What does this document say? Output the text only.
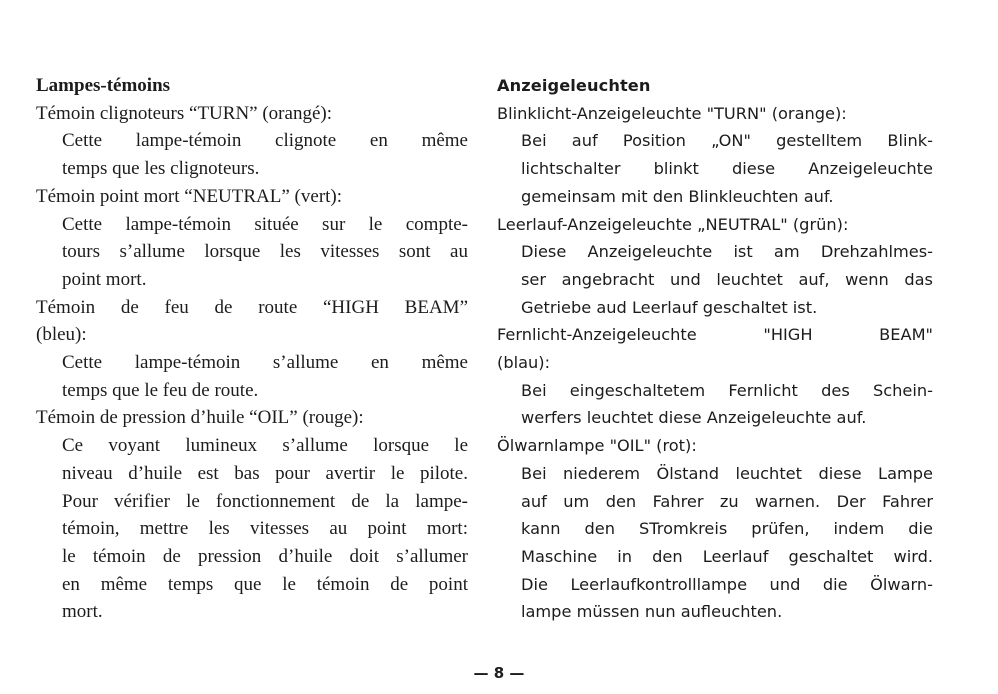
Lampes-témoins
Témoin clignoteurs “TURN” (orangé):
Cette lampe-témoin clignote en même
temps que les clignoteurs.
Témoin point mort “NEUTRAL” (vert):
Cette lampe-témoin située sur le compte-
tours s’allume lorsque les vitesses sont au
point mort.
Témoin de feu de route “HIGH BEAM”
(bleu):
Cette lampe-témoin s’allume en même
temps que le feu de route.
Témoin de pression d’huile “OIL” (rouge):
Ce voyant lumineux s’allume lorsque le
niveau d’huile est bas pour avertir le pilote.
Pour vérifier le fonctionnement de la lampe-
témoin, mettre les vitesses au point mort:
le témoin de pression d’huile doit s’allumer
en même temps que le témoin de point
mort.
Anzeigeleuchten
Blinklicht-Anzeigeleuchte "TURN" (orange):
Bei auf Position „ON" gestelltem Blink-
lichtschalter blinkt diese Anzeigeleuchte
gemeinsam mit den Blinkleuchten auf.
Leerlauf-Anzeigeleuchte „NEUTRAL" (grün):
Diese Anzeigeleuchte ist am Drehzahlmes-
ser angebracht und leuchtet auf, wenn das
Getriebe aud Leerlauf geschaltet ist.
Fernlicht-Anzeigeleuchte "HIGH BEAM"
(blau):
Bei eingeschaltetem Fernlicht des Schein-
werfers leuchtet diese Anzeigeleuchte auf.
Ölwarnlampe "OIL" (rot):
Bei niederem Ölstand leuchtet diese Lampe
auf um den Fahrer zu warnen. Der Fahrer
kann den STromkreis prüfen, indem die
Maschine in den Leerlauf geschaltet wird.
Die Leerlaufkontrolllampe und die Ölwarn-
lampe müssen nun aufleuchten.
— 8 —
